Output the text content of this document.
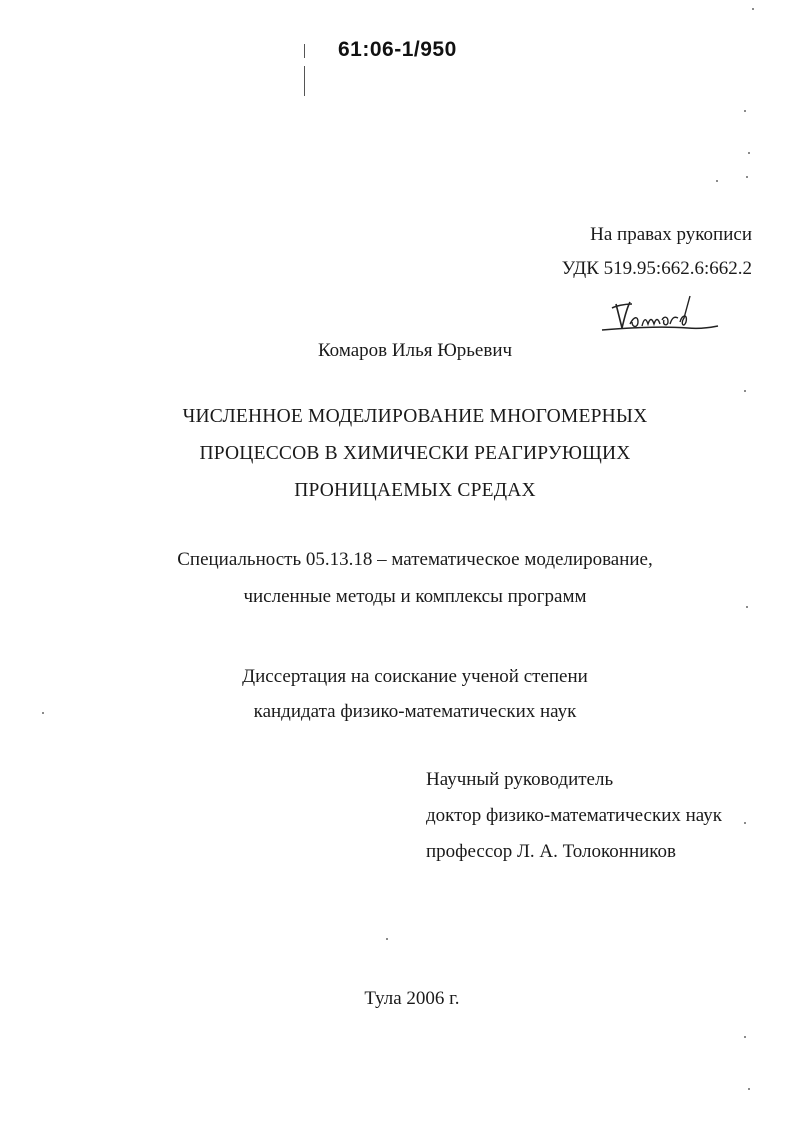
61:06-1/950
На правах рукописи
УДК 519.95:662.6:662.2
Комаров Илья Юрьевич
ЧИСЛЕННОЕ МОДЕЛИРОВАНИЕ МНОГОМЕРНЫХ
ПРОЦЕССОВ В ХИМИЧЕСКИ РЕАГИРУЮЩИХ
ПРОНИЦАЕМЫХ СРЕДАХ
Специальность 05.13.18 – математическое моделирование,
численные методы и комплексы программ
Диссертация на соискание ученой степени
кандидата физико-математических наук
Научный руководитель
доктор физико-математических наук
профессор Л. А. Толоконников
Тула 2006 г.
